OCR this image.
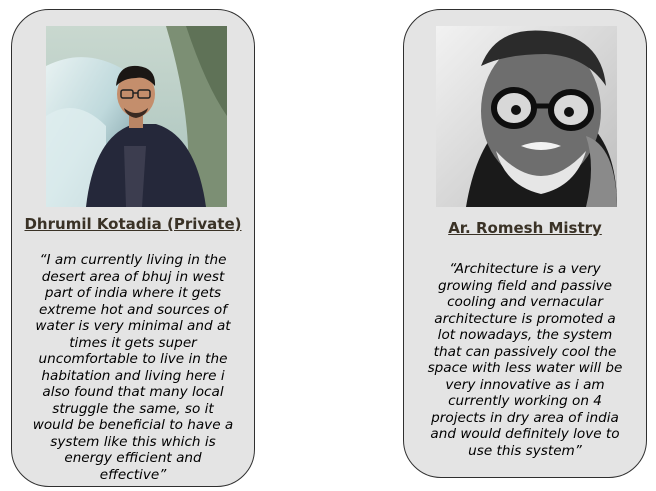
Dhrumil Kotadia (Private)
“I am currently living in the
desert area of bhuj in west
part of india where it gets
extreme hot and sources of
water is very minimal and at
times it gets super
uncomfortable to live in the
habitation and living here i
also found that many local
struggle the same, so it
would be beneficial to have a
system like this which is
energy efficient and
effective”
Ar. Romesh Mistry
“Architecture is a very
growing field and passive
cooling and vernacular
architecture is promoted a
lot nowadays, the system
that can passively cool the
space with less water will be
very innovative as i am
currently working on 4
projects in dry area of india
and would definitely love to
use this system”
